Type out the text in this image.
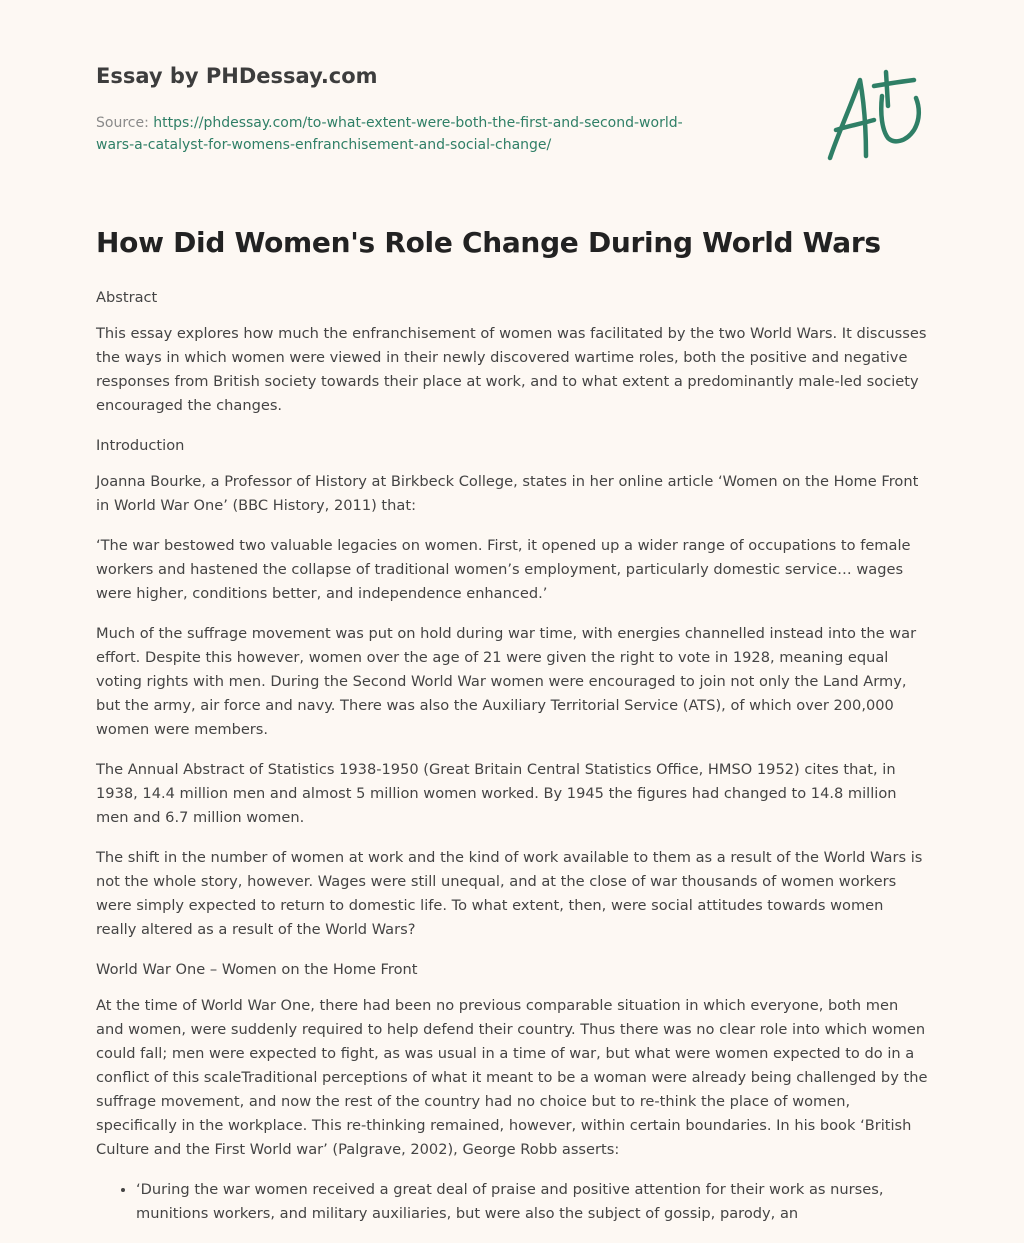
Essay by PHDessay.com
Source: https://phdessay.com/to-what-extent-were-both-the-first-and-second-world-
wars-a-catalyst-for-womens-enfranchisement-and-social-change/
How Did Women's Role Change During World Wars

Abstract

This essay explores how much the enfranchisement of women was facilitated by the two World Wars. It discusses the ways in which women were viewed in their newly discovered wartime roles, both the positive and negative responses from British society towards their place at work, and to what extent a predominantly male-led society encouraged the changes.

Introduction

Joanna Bourke, a Professor of History at Birkbeck College, states in her online article ‘Women on the Home Front in World War One’ (BBC History, 2011) that:

‘The war bestowed two valuable legacies on women. First, it opened up a wider range of occupations to female workers and hastened the collapse of traditional women’s employment, particularly domestic service… wages were higher, conditions better, and independence enhanced.’

Much of the suffrage movement was put on hold during war time, with energies channelled instead into the war effort. Despite this however, women over the age of 21 were given the right to vote in 1928, meaning equal voting rights with men. During the Second World War women were encouraged to join not only the Land Army, but the army, air force and navy. There was also the Auxiliary Territorial Service (ATS), of which over 200,000 women were members.

The Annual Abstract of Statistics 1938-1950 (Great Britain Central Statistics Office, HMSO 1952) cites that, in 1938, 14.4 million men and almost 5 million women worked. By 1945 the figures had changed to 14.8 million men and 6.7 million women.

The shift in the number of women at work and the kind of work available to them as a result of the World Wars is not the whole story, however. Wages were still unequal, and at the close of war thousands of women workers were simply expected to return to domestic life. To what extent, then, were social attitudes towards women really altered as a result of the World Wars?

World War One – Women on the Home Front

At the time of World War One, there had been no previous comparable situation in which everyone, both men and women, were suddenly required to help defend their country. Thus there was no clear role into which women could fall; men were expected to fight, as was usual in a time of war, but what were women expected to do in a conflict of this scaleTraditional perceptions of what it meant to be a woman were already being challenged by the suffrage movement, and now the rest of the country had no choice but to re-think the place of women, specifically in the workplace. This re-thinking remained, however, within certain boundaries. In his book ‘British Culture and the First World war’ (Palgrave, 2002), George Robb asserts:

• ‘During the war women received a great deal of praise and positive attention for their work as nurses, munitions workers, and military auxiliaries, but were also the subject of gossip, parody, an
